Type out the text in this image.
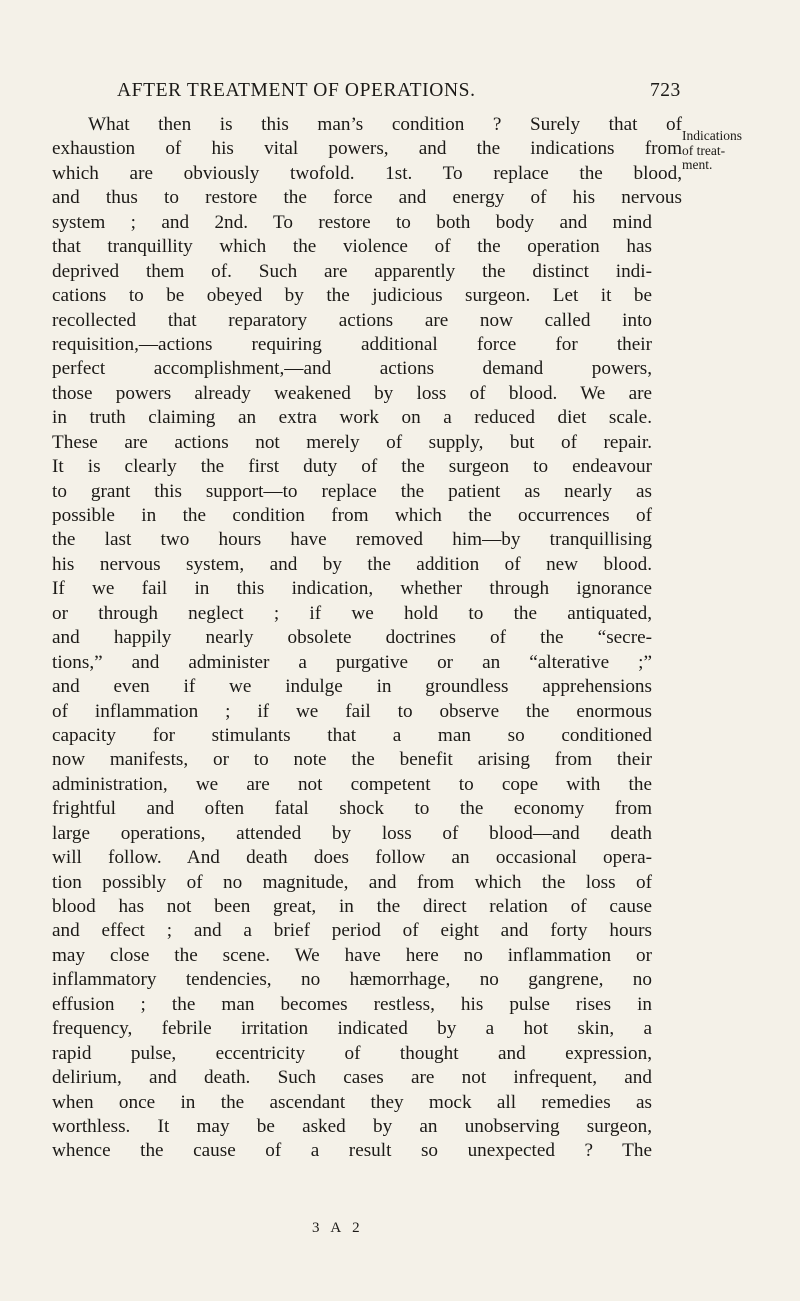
AFTER TREATMENT OF OPERATIONS.	723
Indications
of treat-
ment.
What then is this man’s condition ? Surely that of
exhaustion of his vital powers, and the indications from
which are obviously twofold. 1st. To replace the blood,
and thus to restore the force and energy of his nervous
system ; and 2nd. To restore to both body and mind
that tranquillity which the violence of the operation has
deprived them of. Such are apparently the distinct indi-
cations to be obeyed by the judicious surgeon. Let it be
recollected that reparatory actions are now called into
requisition,—actions requiring additional force for their
perfect accomplishment,—and actions demand powers,
those powers already weakened by loss of blood. We are
in truth claiming an extra work on a reduced diet scale.
These are actions not merely of supply, but of repair.
It is clearly the first duty of the surgeon to endeavour
to grant this support—to replace the patient as nearly as
possible in the condition from which the occurrences of
the last two hours have removed him—by tranquillising
his nervous system, and by the addition of new blood.
If we fail in this indication, whether through ignorance
or through neglect ; if we hold to the antiquated,
and happily nearly obsolete doctrines of the “secre-
tions,” and administer a purgative or an “alterative ;”
and even if we indulge in groundless apprehensions
of inflammation ; if we fail to observe the enormous
capacity for stimulants that a man so conditioned
now manifests, or to note the benefit arising from their
administration, we are not competent to cope with the
frightful and often fatal shock to the economy from
large operations, attended by loss of blood—and death
will follow. And death does follow an occasional opera-
tion possibly of no magnitude, and from which the loss of
blood has not been great, in the direct relation of cause
and effect ; and a brief period of eight and forty hours
may close the scene. We have here no inflammation or
inflammatory tendencies, no hæmorrhage, no gangrene, no
effusion ; the man becomes restless, his pulse rises in
frequency, febrile irritation indicated by a hot skin, a
rapid pulse, eccentricity of thought and expression,
delirium, and death. Such cases are not infrequent, and
when once in the ascendant they mock all remedies as
worthless. It may be asked by an unobserving surgeon,
whence the cause of a result so unexpected ? The
3 A 2
